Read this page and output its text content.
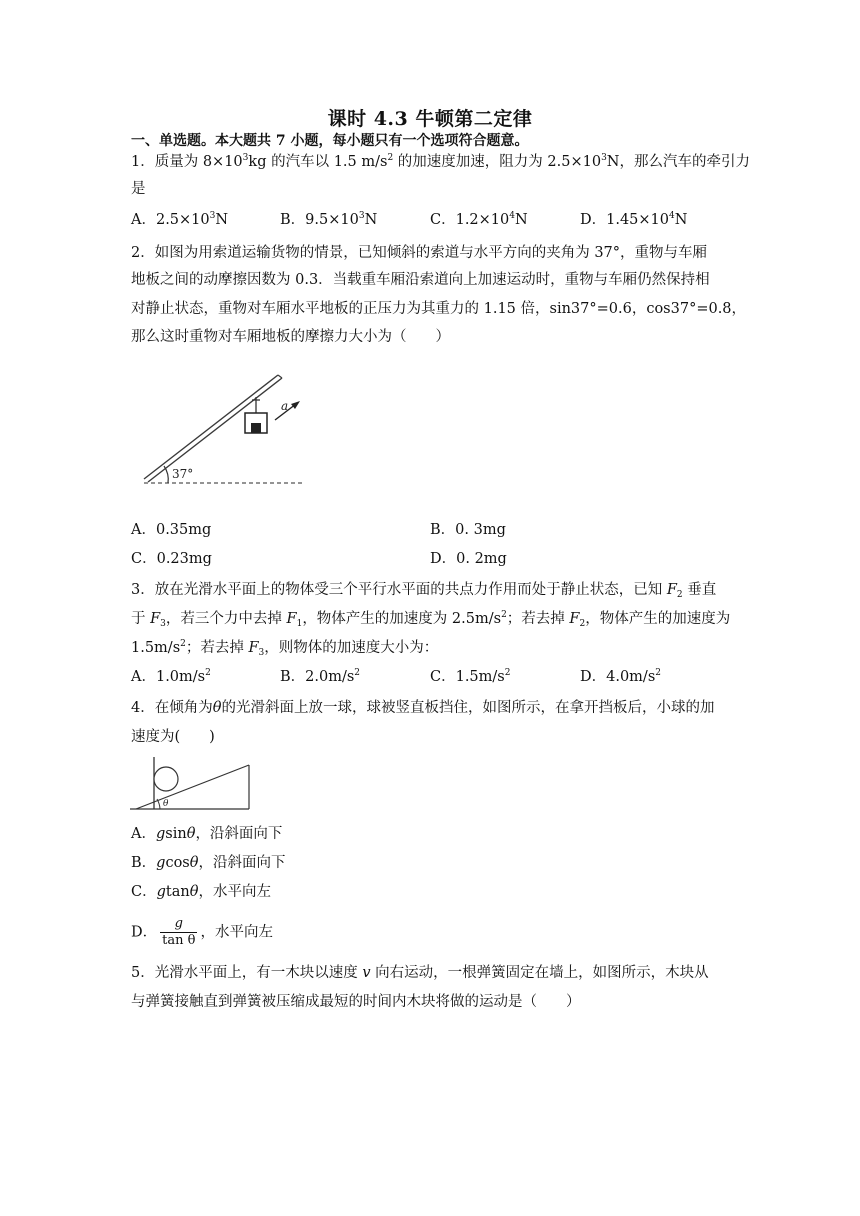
课时 4.3 牛顿第二定律
一、单选题。本大题共 7 小题，每小题只有一个选项符合题意。
1．质量为 $8\times 10^3kg$ 的汽车以 1.5 $m/s^2$ 的加速度加速，阻力为 $2.5\times 10^3N$，那么汽车的牵引力
是
A．$2.5\times 10^3N$	B．$9.5\times 10^3N$	C．$1.2\times 10^4N$	D．$1.45\times 10^4N$
2．如图为用索道运输货物的情景，已知倾斜的索道与水平方向的夹角为 37°，重物与车厢
地板之间的动摩擦因数为 0.3．当载重车厢沿索道向上加速运动时，重物与车厢仍然保持相
对静止状态，重物对车厢水平地板的正压力为其重力的 1.15 倍，sin37°=0.6，cos37°=0.8，
那么这时重物对车厢地板的摩擦力大小为（　　）
37°
a
A．0.35mg	B．0. 3mg
C．0.23mg	D．0. 2mg
3．放在光滑水平面上的物体受三个平行水平面的共点力作用而处于静止状态，已知 $F_2$ 垂直
于 $F_3$，若三个力中去掉 $F_1$，物体产生的加速度为 $2.5m/s^2$；若去掉 $F_2$，物体产生的加速度为
$1.5m/s^2$；若去掉 $F_3$，则物体的加速度大小为：
A．$1.0m/s^2$	B．$2.0m/s^2$	C．$1.5m/s^2$	D．$4.0m/s^2$
4．在倾角为θ的光滑斜面上放一球，球被竖直板挡住，如图所示，在拿开挡板后，小球的加
速度为(　　)
θ
A．gsinθ，沿斜面向下
B．gcosθ，沿斜面向下
C．gtanθ，水平向左
D． $\frac{g}{\text{tan θ}}$ ，水平向左
5．光滑水平面上，有一木块以速度 v 向右运动，一根弹簧固定在墙上，如图所示，木块从
与弹簧接触直到弹簧被压缩成最短的时间内木块将做的运动是（　　）
